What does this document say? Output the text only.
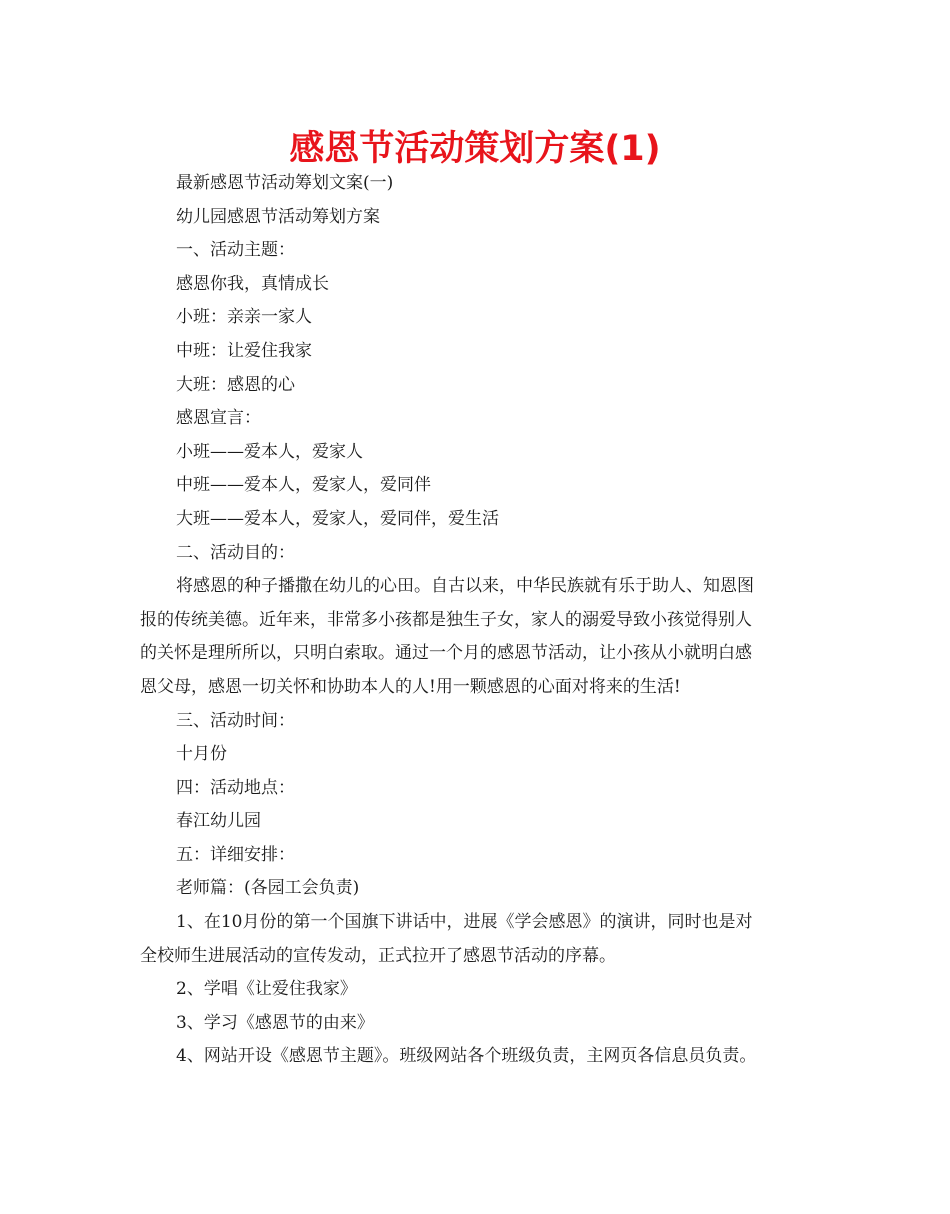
感恩节活动策划方案(1)
最新感恩节活动筹划文案(一)
幼儿园感恩节活动筹划方案
一、活动主题：
感恩你我，真情成长
小班：亲亲一家人
中班：让爱住我家
大班：感恩的心
感恩宣言：
小班——爱本人，爱家人
中班——爱本人，爱家人，爱同伴
大班——爱本人，爱家人，爱同伴，爱生活
二、活动目的：
将感恩的种子播撒在幼儿的心田。自古以来，中华民族就有乐于助人、知恩图
报的传统美德。近年来，非常多小孩都是独生子女，家人的溺爱导致小孩觉得别人
的关怀是理所所以，只明白索取。通过一个月的感恩节活动，让小孩从小就明白感
恩父母，感恩一切关怀和协助本人的人!用一颗感恩的心面对将来的生活!
三、活动时间：
十月份
四：活动地点：
春江幼儿园
五：详细安排：
老师篇：(各园工会负责)
1、在10月份的第一个国旗下讲话中，进展《学会感恩》的演讲，同时也是对
全校师生进展活动的宣传发动，正式拉开了感恩节活动的序幕。
2、学唱《让爱住我家》
3、学习《感恩节的由来》
4、网站开设《感恩节主题》。班级网站各个班级负责，主网页各信息员负责。
